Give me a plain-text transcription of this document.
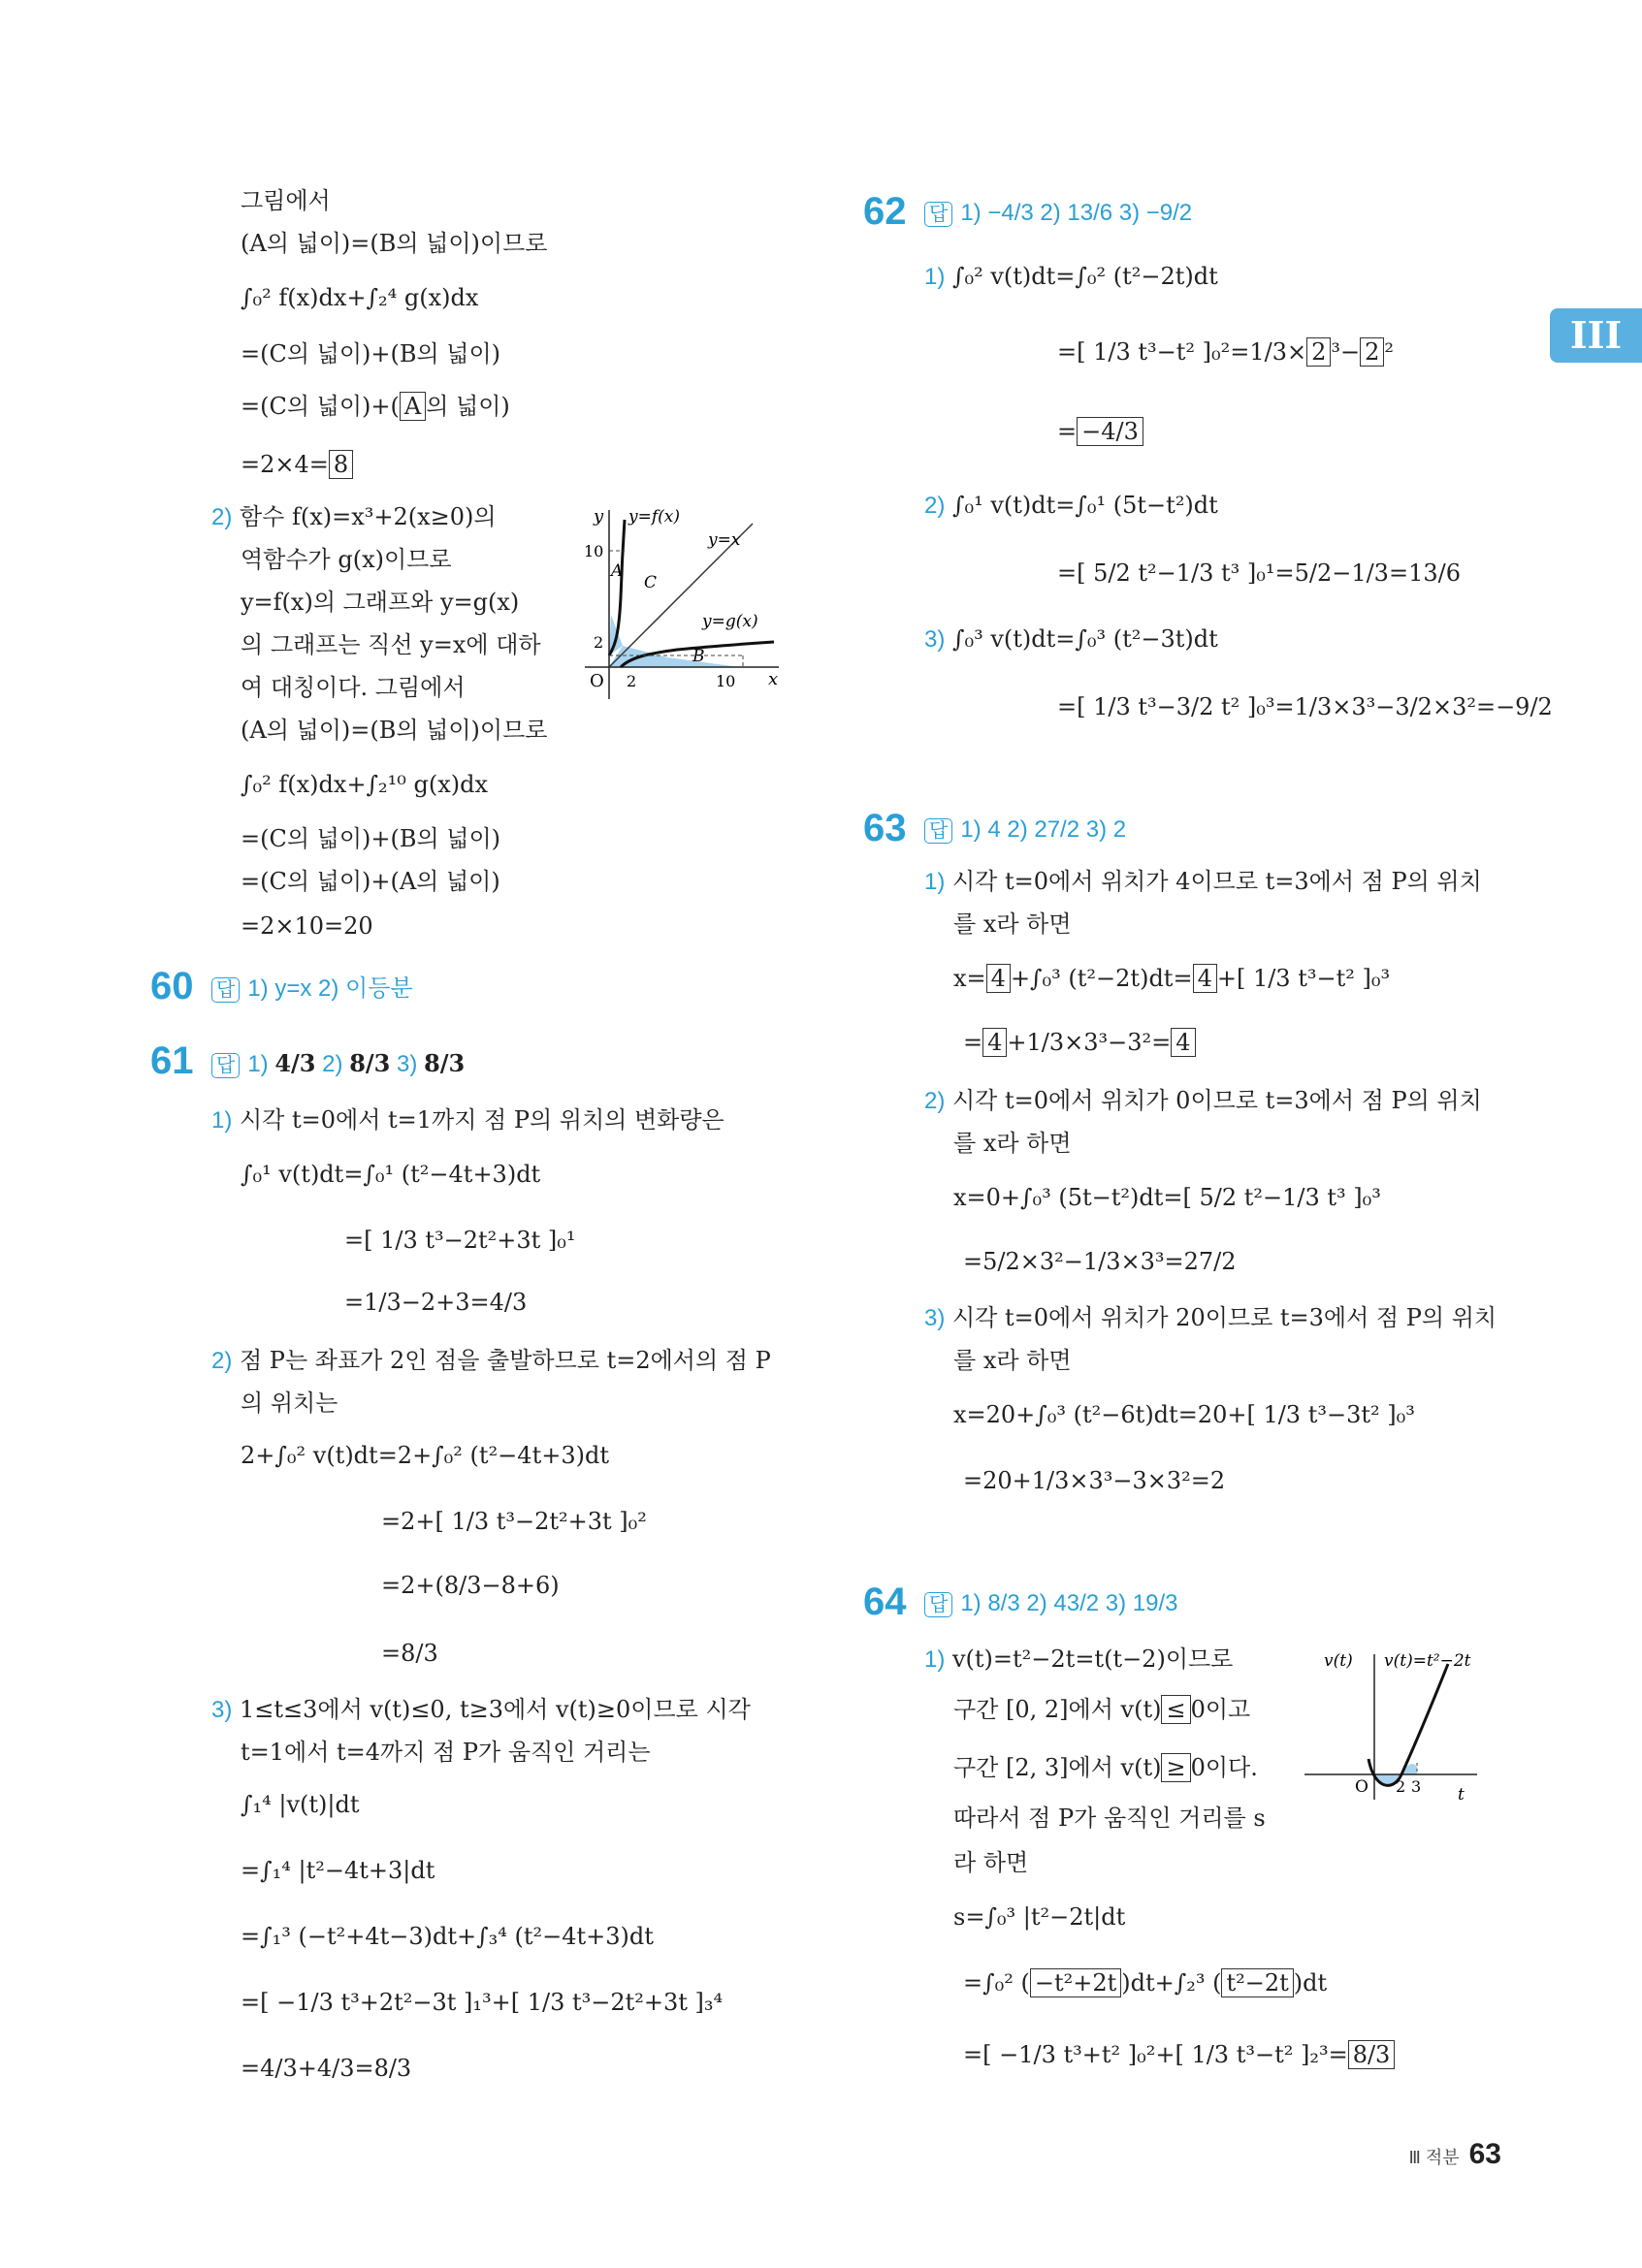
III
그림에서
(A의 넓이)=(B의 넓이)이므로
∫₀² f(x)dx+∫₂⁴ g(x)dx
=(C의 넓이)+(B의 넓이)
=(C의 넓이)+( A 의 넓이)
=2×4= 8
2) 함수 f(x)=x³+2(x≥0)의
역함수가 g(x)이므로
y=f(x)의 그래프와 y=g(x)
의 그래프는 직선 y=x에 대하
여 대칭이다. 그림에서
(A의 넓이)=(B의 넓이)이므로
∫₀² f(x)dx+∫₂¹⁰ g(x)dx
=(C의 넓이)+(B의 넓이)
=(C의 넓이)+(A의 넓이)
=2×10=20
y
x
O
y=f(x)
y=x
y=g(x)
10
2
2	10
A
B
C
60 답 1) y=x 2) 이등분
61 답 1) 4/3 2) 8/3 3) 8/3
1) 시각 t=0에서 t=1까지 점 P의 위치의 변화량은
∫₀¹ v(t)dt=∫₀¹ (t²−4t+3)dt
=[ 1/3 t³−2t²+3t ]₀¹
=1/3−2+3=4/3
2) 점 P는 좌표가 2인 점을 출발하므로 t=2에서의 점 P
의 위치는
2+∫₀² v(t)dt=2+∫₀² (t²−4t+3)dt
=2+[ 1/3 t³−2t²+3t ]₀²
=2+(8/3−8+6)
=8/3
3) 1≤t≤3에서 v(t)≤0, t≥3에서 v(t)≥0이므로 시각
t=1에서 t=4까지 점 P가 움직인 거리는
∫₁⁴ |v(t)|dt
=∫₁⁴ |t²−4t+3|dt
=∫₁³ (−t²+4t−3)dt+∫₃⁴ (t²−4t+3)dt
=[ −1/3 t³+2t²−3t ]₁³+[ 1/3 t³−2t²+3t ]₃⁴
=4/3+4/3=8/3
62 답 1) −4/3 2) 13/6 3) −9/2
1) ∫₀² v(t)dt=∫₀² (t²−2t)dt
=[ 1/3 t³−t² ]₀²=1/3× 2 ³− 2 ²
= −4/3
2) ∫₀¹ v(t)dt=∫₀¹ (5t−t²)dt
=[ 5/2 t²−1/3 t³ ]₀¹=5/2−1/3=13/6
3) ∫₀³ v(t)dt=∫₀³ (t²−3t)dt
=[ 1/3 t³−3/2 t² ]₀³=1/3×3³−3/2×3²=−9/2
63 답 1) 4 2) 27/2 3) 2
1) 시각 t=0에서 위치가 4이므로 t=3에서 점 P의 위치
를 x라 하면
x= 4 +∫₀³ (t²−2t)dt= 4 +[ 1/3 t³−t² ]₀³
= 4 +1/3×3³−3²= 4
2) 시각 t=0에서 위치가 0이므로 t=3에서 점 P의 위치
를 x라 하면
x=0+∫₀³ (5t−t²)dt=[ 5/2 t²−1/3 t³ ]₀³
=5/2×3²−1/3×3³=27/2
3) 시각 t=0에서 위치가 20이므로 t=3에서 점 P의 위치
를 x라 하면
x=20+∫₀³ (t²−6t)dt=20+[ 1/3 t³−3t² ]₀³
=20+1/3×3³−3×3²=2
64 답 1) 8/3 2) 43/2 3) 19/3
1) v(t)=t²−2t=t(t−2)이므로
구간 [0, 2]에서 v(t) ≤ 0이고
구간 [2, 3]에서 v(t) ≥ 0이다.
따라서 점 P가 움직인 거리를 s
라 하면
s=∫₀³ |t²−2t|dt
=∫₀² ( −t²+2t )dt+∫₂³ ( t²−2t )dt
=[ −1/3 t³+t² ]₀²+[ 1/3 t³−t² ]₂³= 8/3
v(t) v(t)=t²−2t
O 2 3 t
Ⅲ 적분 63
